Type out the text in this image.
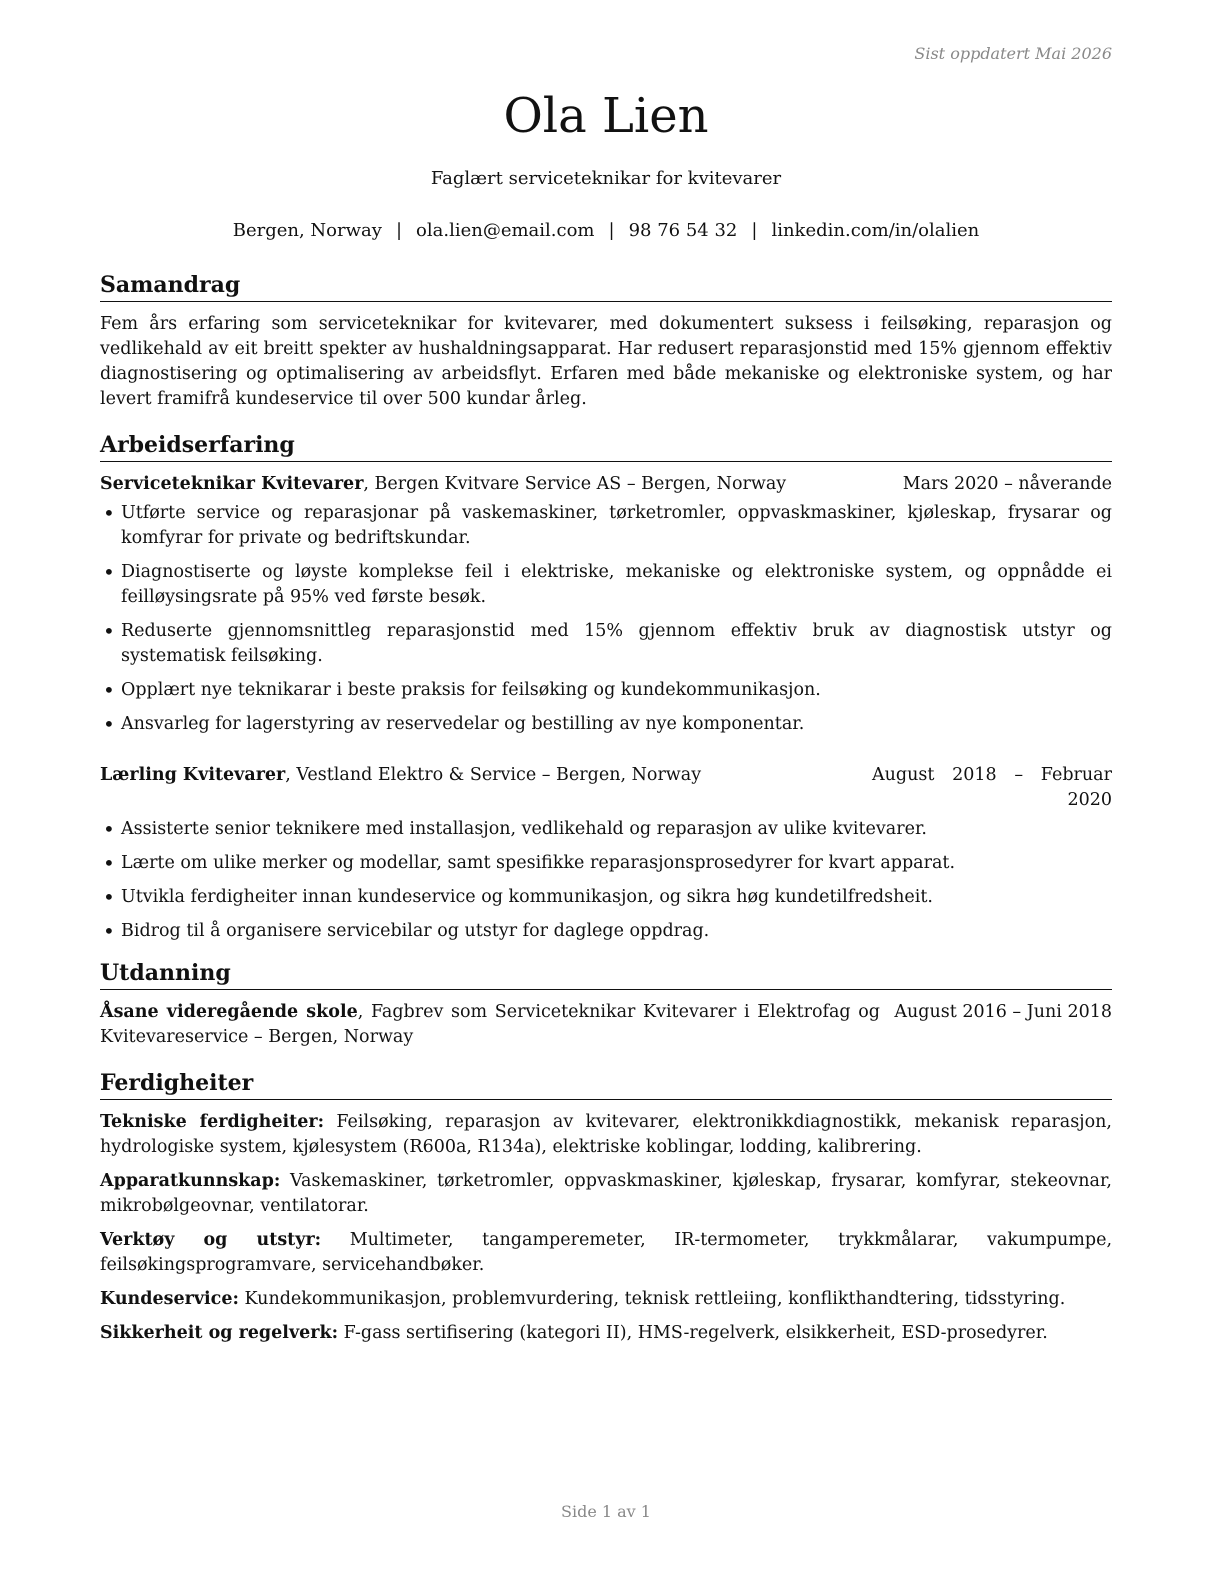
Sist oppdatert Mai 2026
Ola Lien
Faglært serviceteknikar for kvitevarer
Bergen, Norway | ola.lien@email.com | 98 76 54 32 | linkedin.com/in/olalien
Samandrag

Fem års erfaring som serviceteknikar for kvitevarer, med dokumentert suksess i feilsøking, reparasjon og vedlikehald av eit breitt spekter av hushaldningsapparat. Har redusert reparasjonstid med 15% gjennom effektiv diagnostisering og optimalisering av arbeidsflyt. Erfaren med både mekaniske og elektroniske system, og har levert framifrå kundeservice til over 500 kundar årleg.

Arbeidserfaring
Serviceteknikar Kvitevarer, Bergen Kvitvare Service AS – Bergen, Norway	Mars 2020 – nåverande
• Utførte service og reparasjonar på vaskemaskiner, tørketromler, oppvaskmaskiner, kjøleskap, frysarar og komfyrar for private og bedriftskundar.
• Diagnostiserte og løyste komplekse feil i elektriske, mekaniske og elektroniske system, og oppnådde ei feilløysingsrate på 95% ved første besøk.
• Reduserte gjennomsnittleg reparasjonstid med 15% gjennom effektiv bruk av diagnostisk utstyr og systematisk feilsøking.
• Opplært nye teknikarar i beste praksis for feilsøking og kundekommunikasjon.
• Ansvarleg for lagerstyring av reservedelar og bestilling av nye komponentar.
Lærling Kvitevarer, Vestland Elektro & Service – Bergen, Norway	August 2018 – Februar 2020
• Assisterte senior teknikere med installasjon, vedlikehald og reparasjon av ulike kvitevarer.
• Lærte om ulike merker og modellar, samt spesifikke reparasjonsprosedyrer for kvart apparat.
• Utvikla ferdigheiter innan kundeservice og kommunikasjon, og sikra høg kundetilfredsheit.
• Bidrog til å organisere servicebilar og utstyr for daglege oppdrag.
Utdanning
Åsane videregående skole, Fagbrev som Serviceteknikar Kvitevarer i Elektrofag og Kvitevareservice – Bergen, Norway
August 2016 – Juni 2018
Ferdigheiter

Tekniske ferdigheiter: Feilsøking, reparasjon av kvitevarer, elektronikkdiagnostikk, mekanisk reparasjon, hydrologiske system, kjølesystem (R600a, R134a), elektriske koblingar, lodding, kalibrering.

Apparatkunnskap: Vaskemaskiner, tørketromler, oppvaskmaskiner, kjøleskap, frysarar, komfyrar, stekeovnar, mikrobølgeovnar, ventilatorar.

Verktøy og utstyr: Multimeter, tangamperemeter, IR-termometer, trykkmålarar, vakumpumpe, feilsøkingsprogramvare, servicehandbøker.

Kundeservice: Kundekommunikasjon, problemvurdering, teknisk rettleiing, konflikthandtering, tidsstyring.

Sikkerheit og regelverk: F-gass sertifisering (kategori II), HMS-regelverk, elsikkerheit, ESD-prosedyrer.

Side 1 av 1
